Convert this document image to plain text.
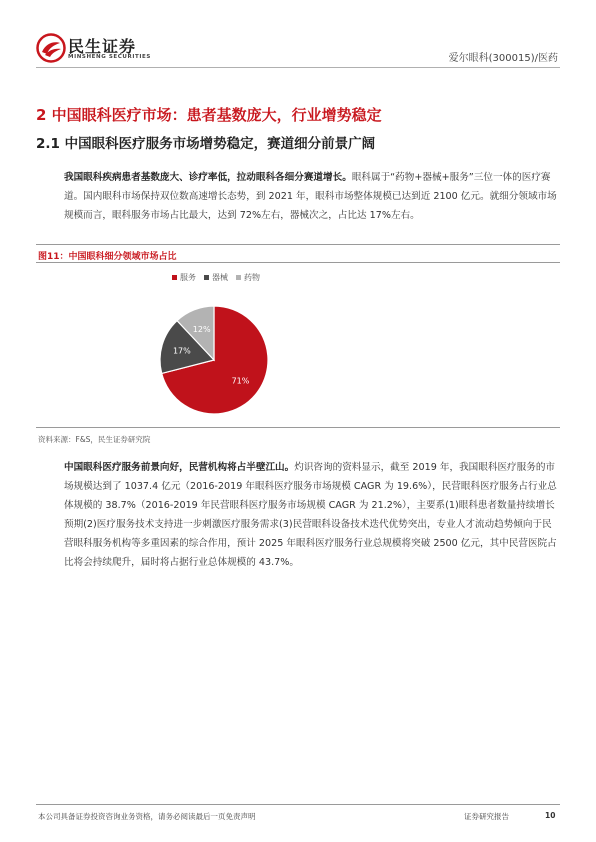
民生证券
MINSHENG SECURITIES	爱尔眼科(300015)/医药
2 中国眼科医疗市场：患者基数庞大，行业增势稳定
2.1 中国眼科医疗服务市场增势稳定，赛道细分前景广阔
我国眼科疾病患者基数庞大、诊疗率低，拉动眼科各细分赛道增长。眼科属于“药物+器械+服务”三位一体的医疗赛道。国内眼科市场保持双位数高速增长态势，到 2021 年，眼科市场整体规模已达到近 2100 亿元。就细分领域市场规模而言，眼科服务市场占比最大，达到 72%左右，器械次之，占比达 17%左右。
图11：中国眼科细分领域市场占比
服务 器械 药物
71%
17%
12%
资料来源：F&S，民生证券研究院
中国眼科医疗服务前景向好，民营机构将占半壁江山。灼识咨询的资料显示，截至 2019 年，我国眼科医疗服务的市场规模达到了 1037.4 亿元（2016-2019 年眼科医疗服务市场规模 CAGR 为 19.6%），民营眼科医疗服务占行业总体规模的 38.7%（2016-2019 年民营眼科医疗服务市场规模 CAGR 为 21.2%），主要系(1)眼科患者数量持续增长预期(2)医疗服务技术支持进一步刺激医疗服务需求(3)民营眼科设备技术迭代优势突出，专业人才流动趋势倾向于民营眼科服务机构等多重因素的综合作用，预计 2025 年眼科医疗服务行业总规模将突破 2500 亿元，其中民营医院占比将会持续爬升，届时将占据行业总体规模的 43.7%。
本公司具备证券投资咨询业务资格，请务必阅读最后一页免责声明	证券研究报告	10
